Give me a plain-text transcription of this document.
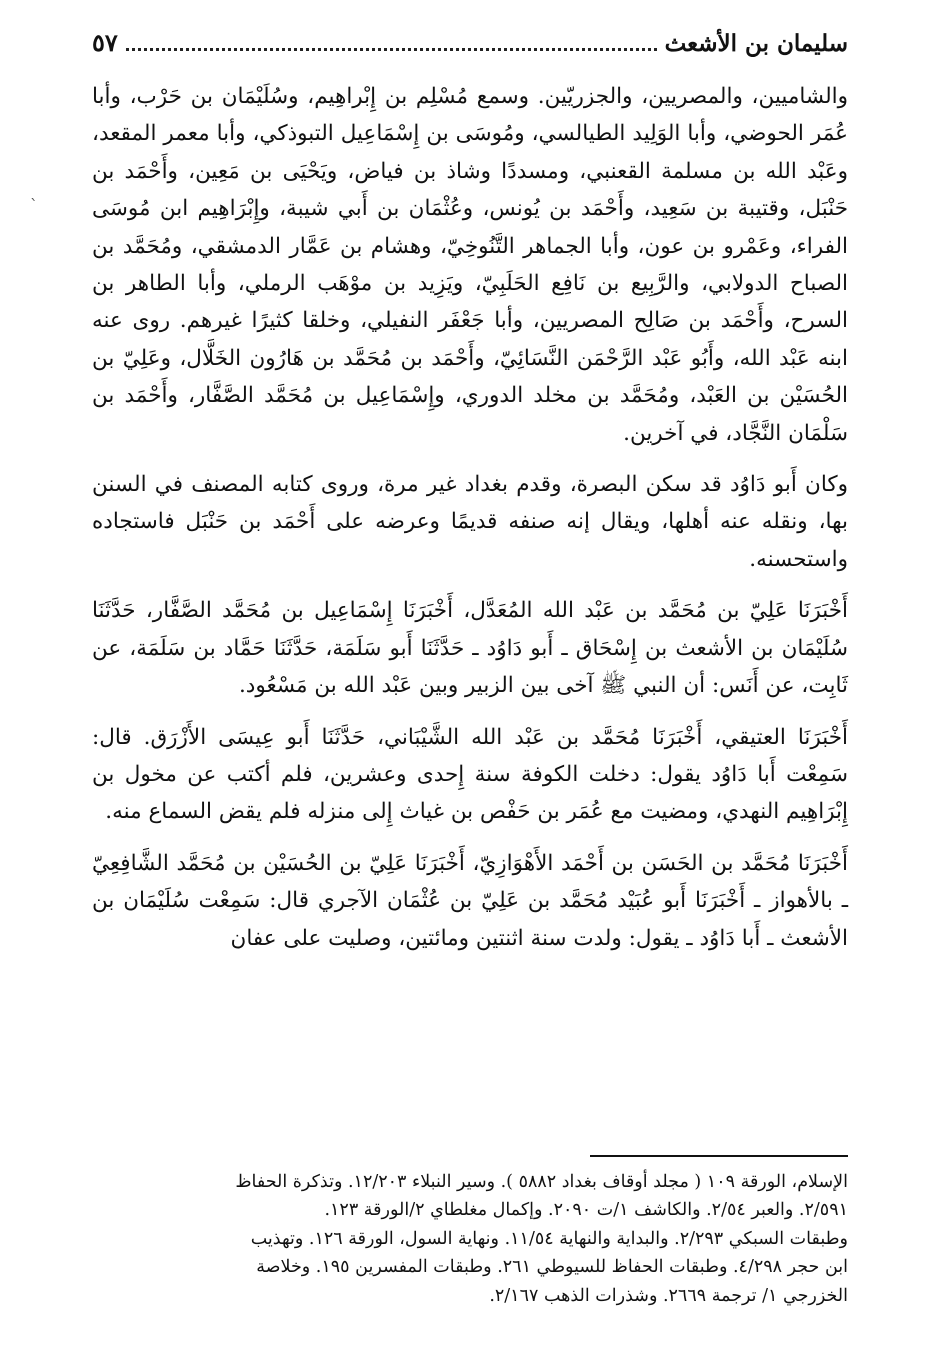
سليمان بن الأشعث
٥٧

والشاميين، والمصريين، والجزريّين. وسمع مُسْلِم بن إِبْراهِيم، وسُلَيْمَان بن حَرْب، وأبا عُمَر الحوضي، وأبا الوَلِيد الطيالسي، ومُوسَى بن إِسْمَاعِيل التبوذكي، وأبا معمر المقعد، وعَبْد الله بن مسلمة القعنبي، ومسددًا وشاذ بن فياض، ويَحْيَى بن مَعِين، وأَحْمَد بن حَنْبَل، وقتيبة بن سَعِيد، وأَحْمَد بن يُونس، وعُثْمَان بن أَبي شيبة، وإِبْرَاهِيم ابن مُوسَى الفراء، وعَمْرو بن عون، وأبا الجماهر التَّنُوخِيّ، وهشام بن عَمَّار الدمشقي، ومُحَمَّد بن الصباح الدولابي، والرَّبِيع بن نَافِع الحَلَبِيّ، ويَزِيد بن موْهَب الرملي، وأبا الطاهر بن السرح، وأَحْمَد بن صَالِح المصريين، وأبا جَعْفَر النفيلي، وخلقا كثيرًا غيرهم. روى عنه ابنه عَبْد الله، وأَبُو عَبْد الرَّحْمَن النَّسَائِيّ، وأَحْمَد بن مُحَمَّد بن هَارُون الخَلَّال، وعَلِيّ بن الحُسَيْن بن العَبْد، ومُحَمَّد بن مخلد الدوري، وإِسْمَاعِيل بن مُحَمَّد الصَّفَّار، وأَحْمَد بن سَلْمَان النَّجَّاد، في آخرين.

وكان أَبو دَاوُد قد سكن البصرة، وقدم بغداد غير مرة، وروى كتابه المصنف في السنن بها، ونقله عنه أهلها، ويقال إنه صنفه قديمًا وعرضه على أَحْمَد بن حَنْبَل فاستجاده واستحسنه.

أَخْبَرَنَا عَلِيّ بن مُحَمَّد بن عَبْد الله المُعَدَّل، أَخْبَرَنَا إِسْمَاعِيل بن مُحَمَّد الصَّفَّار، حَدَّثَنَا سُلَيْمَان بن الأشعث بن إِسْحَاق ـ أَبو دَاوُد ـ حَدَّثَنَا أَبو سَلَمَة، حَدَّثَنَا حَمَّاد بن سَلَمَة، عن ثَابِت، عن أَنَس: أن النبي ﷺ آخى بين الزبير وبين عَبْد الله بن مَسْعُود.

أَخْبَرَنَا العتيقي، أَخْبَرَنَا مُحَمَّد بن عَبْد الله الشَّيْبَاني، حَدَّثَنَا أَبو عِيسَى الأَزْرَق. قال: سَمِعْت أَبا دَاوُد يقول: دخلت الكوفة سنة إِحدى وعشرين، فلم أكتب عن مخول بن إِبْرَاهِيم النهدي، ومضيت مع عُمَر بن حَفْص بن غياث إِلى منزله فلم يقض السماع منه.

أَخْبَرَنَا مُحَمَّد بن الحَسَن بن أَحْمَد الأَهْوَازِيّ، أَخْبَرَنَا عَلِيّ بن الحُسَيْن بن مُحَمَّد الشَّافِعِيّ ـ بالأهواز ـ أَخْبَرَنَا أَبو عُبَيْد مُحَمَّد بن عَلِيّ بن عُثْمَان الآجري قال: سَمِعْت سُلَيْمَان بن الأشعث ـ أَبا دَاوُد ـ يقول: ولدت سنة اثنتين ومائتين، وصليت على عفان

الإسلام، الورقة ١٠٩ ( مجلد أوقاف بغداد ٥٨٨٢ ). وسير النبلاء ١٢/٢٠٣. وتذكرة الحفاظ

٢/٥٩١. والعبر ٢/٥٤. والكاشف ١/ت ٢٠٩٠. وإكمال مغلطاي ٢/الورقة ١٢٣.

وطبقات السبكي ٢/٢٩٣. والبداية والنهاية ١١/٥٤. ونهاية السول، الورقة ١٢٦. وتهذيب

ابن حجر ٤/٢٩٨. وطبقات الحفاظ للسيوطي ٢٦١. وطبقات المفسرين ١٩٥. وخلاصة

الخزرجي ١/ ترجمة ٢٦٦٩. وشذرات الذهب ٢/١٦٧.

`
